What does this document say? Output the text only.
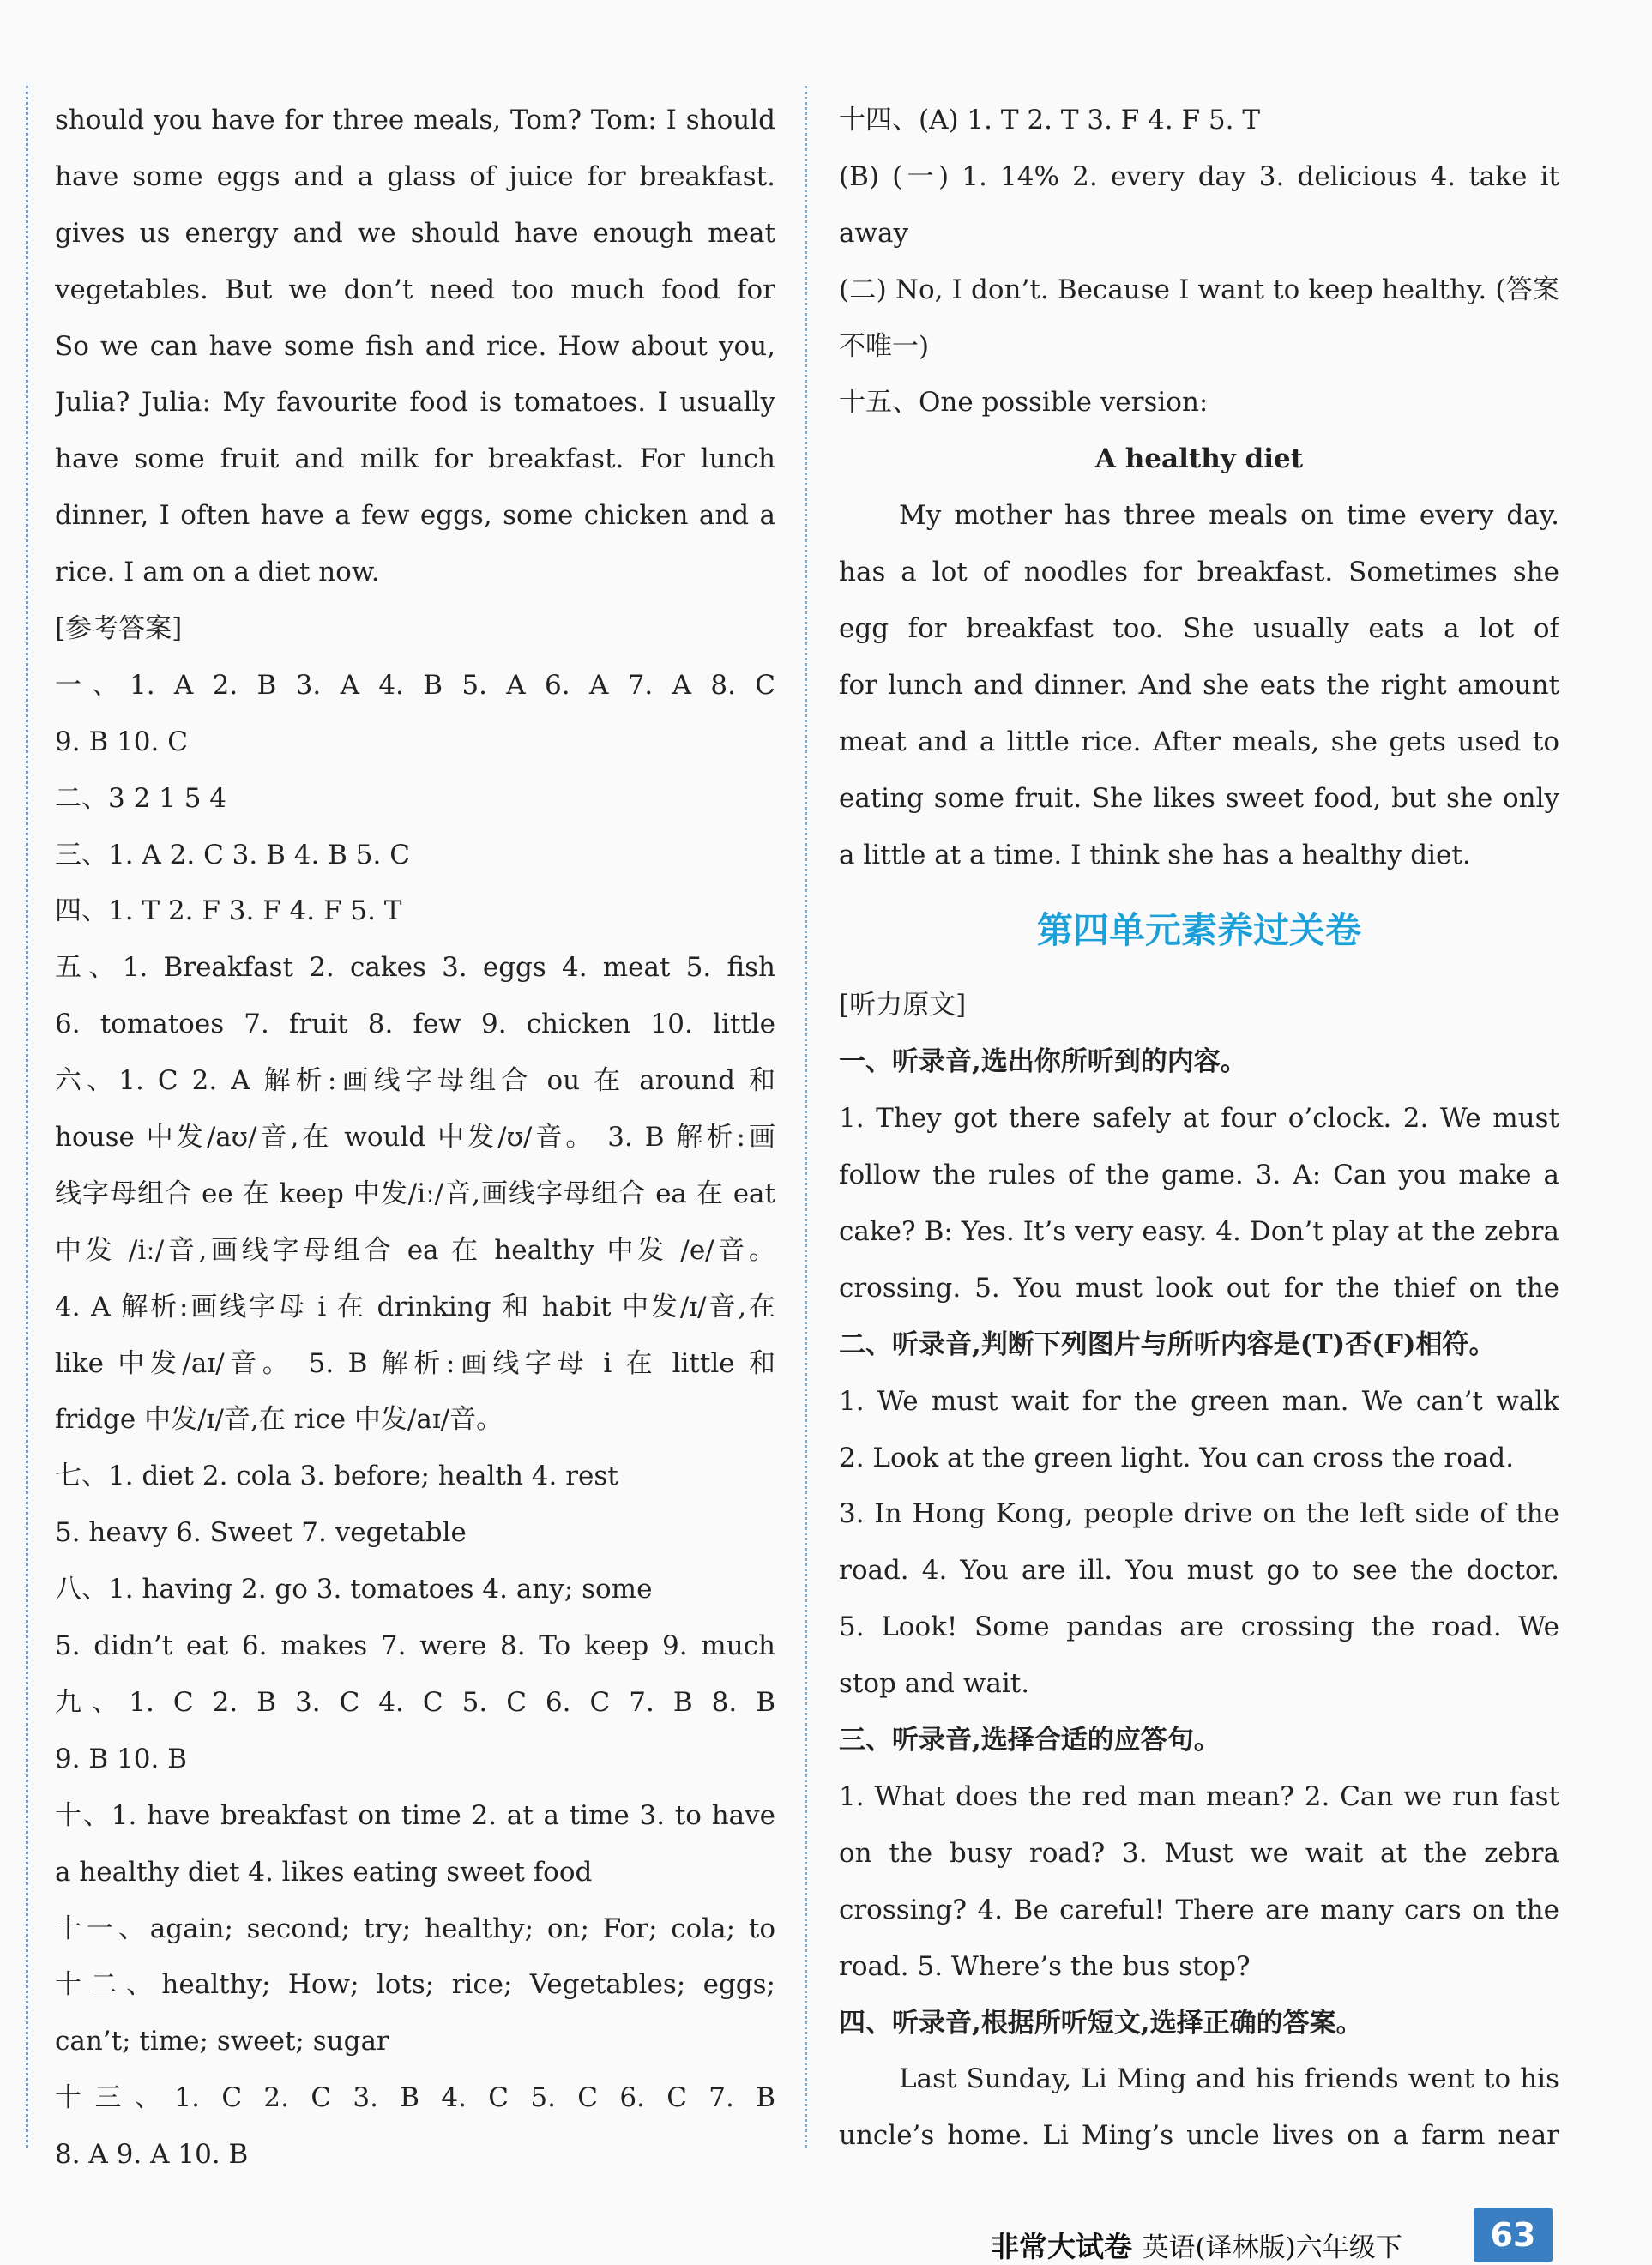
should you have for three meals, Tom? Tom: I should
have some eggs and a glass of juice for breakfast.
gives us energy and we should have enough meat
vegetables. But we don’t need too much food for
So we can have some fish and rice. How about you,
Julia? Julia: My favourite food is tomatoes. I usually
have some fruit and milk for breakfast. For lunch
dinner, I often have a few eggs, some chicken and a
rice. I am on a diet now.
[参考答案]
一、1. A 2. B 3. A 4. B 5. A 6. A 7. A 8. C
9. B 10. C
二、3 2 1 5 4
三、1. A 2. C 3. B 4. B 5. C
四、1. T 2. F 3. F 4. F 5. T
五、1. Breakfast 2. cakes 3. eggs 4. meat 5. fish
6. tomatoes 7. fruit 8. few 9. chicken 10. little
六、1. C 2. A 解析:画线字母组合 ou 在 around 和
house 中发/aʊ/音,在 would 中发/ʊ/音。 3. B 解析:画
线字母组合 ee 在 keep 中发/iː/音,画线字母组合 ea 在 eat
中发 /iː/音,画线字母组合 ea 在 healthy 中发 /e/音。
4. A 解析:画线字母 i 在 drinking 和 habit 中发/ɪ/音,在
like 中发/aɪ/音。 5. B 解析:画线字母 i 在 little 和
fridge 中发/ɪ/音,在 rice 中发/aɪ/音。
七、1. diet 2. cola 3. before; health 4. rest
5. heavy 6. Sweet 7. vegetable
八、1. having 2. go 3. tomatoes 4. any; some
5. didn’t eat 6. makes 7. were 8. To keep 9. much
九、1. C 2. B 3. C 4. C 5. C 6. C 7. B 8. B
9. B 10. B
十、1. have breakfast on time 2. at a time 3. to have
a healthy diet 4. likes eating sweet food
十一、again; second; try; healthy; on; For; cola; to
十二、healthy; How; lots; rice; Vegetables; eggs;
can’t; time; sweet; sugar
十三、1. C 2. C 3. B 4. C 5. C 6. C 7. B
8. A 9. A 10. B
十四、(A) 1. T 2. T 3. F 4. F 5. T
(B) (一) 1. 14% 2. every day 3. delicious 4. take it
away
(二) No, I don’t. Because I want to keep healthy. (答案
不唯一)
十五、One possible version:
A healthy diet
My mother has three meals on time every day.
has a lot of noodles for breakfast. Sometimes she
egg for breakfast too. She usually eats a lot of
for lunch and dinner. And she eats the right amount
meat and a little rice. After meals, she gets used to
eating some fruit. She likes sweet food, but she only
a little at a time. I think she has a healthy diet.
第四单元素养过关卷
[听力原文]
一、听录音,选出你所听到的内容。
1. They got there safely at four o’clock. 2. We must
follow the rules of the game. 3. A: Can you make a
cake? B: Yes. It’s very easy. 4. Don’t play at the zebra
crossing. 5. You must look out for the thief on the
二、听录音,判断下列图片与所听内容是(T)否(F)相符。
1. We must wait for the green man. We can’t walk
2. Look at the green light. You can cross the road.
3. In Hong Kong, people drive on the left side of the
road. 4. You are ill. You must go to see the doctor.
5. Look! Some pandas are crossing the road. We
stop and wait.
三、听录音,选择合适的应答句。
1. What does the red man mean? 2. Can we run fast
on the busy road? 3. Must we wait at the zebra
crossing? 4. Be careful! There are many cars on the
road. 5. Where’s the bus stop?
四、听录音,根据所听短文,选择正确的答案。
Last Sunday, Li Ming and his friends went to his
uncle’s home. Li Ming’s uncle lives on a farm near
非常大试卷 英语(译林版)六年级下	63
